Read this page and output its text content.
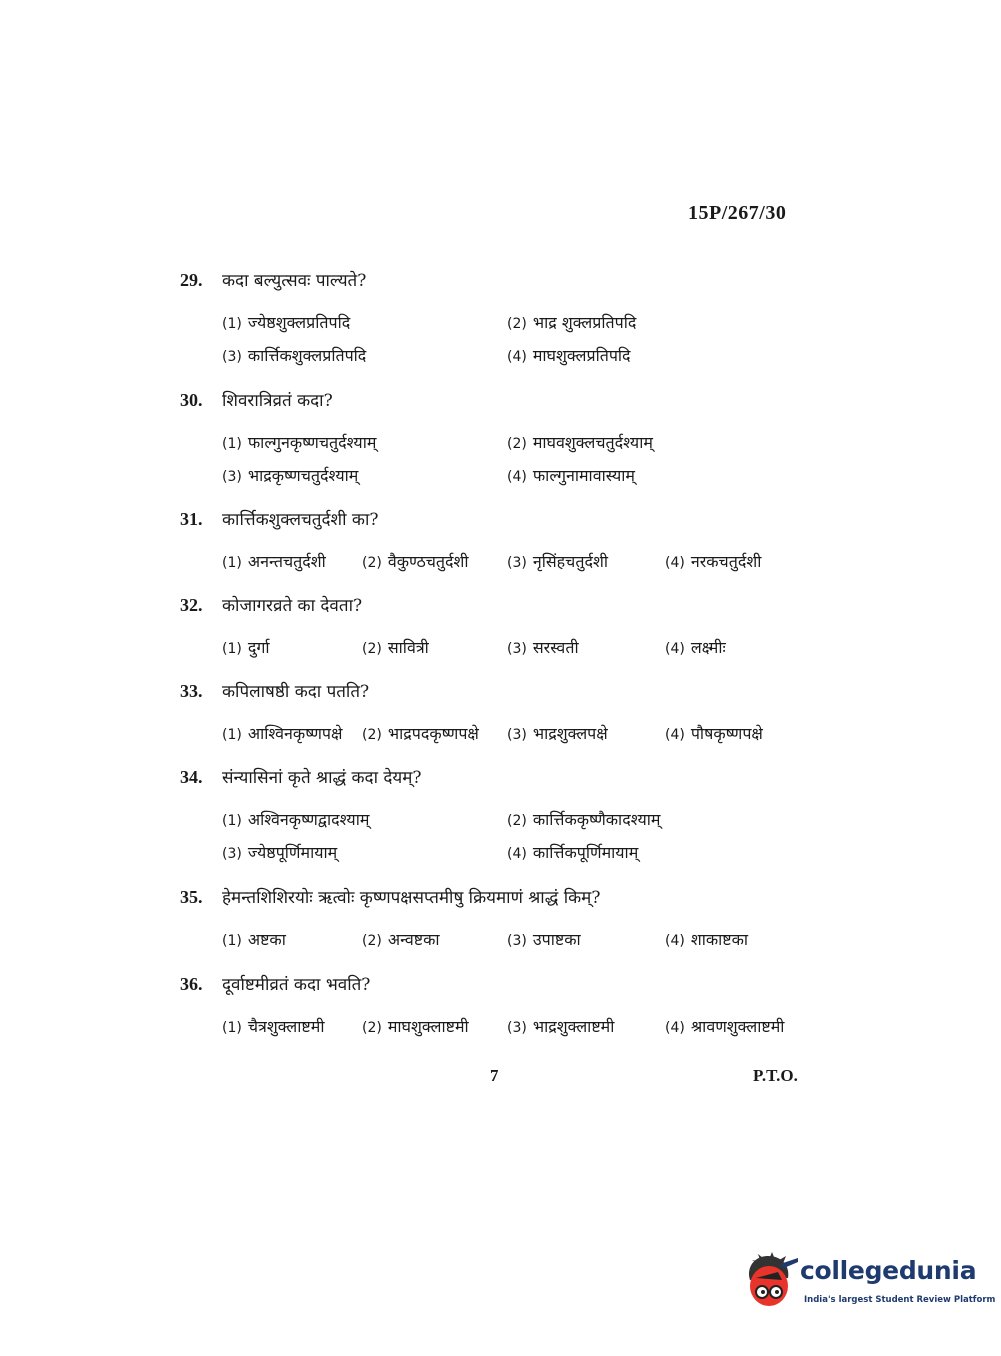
15P/267/30
29.	कदा बल्युत्सवः पाल्यते?
(1) ज्येष्ठशुक्लप्रतिपदि	(2) भाद्र शुक्लप्रतिपदि
(3) कार्त्तिकशुक्लप्रतिपदि	(4) माघशुक्लप्रतिपदि
30.	शिवरात्रिव्रतं कदा?
(1) फाल्गुनकृष्णचतुर्दश्याम्	(2) माघवशुक्लचतुर्दश्याम्
(3) भाद्रकृष्णचतुर्दश्याम्	(4) फाल्गुनामावास्याम्
31.	कार्त्तिकशुक्लचतुर्दशी का?
(1) अनन्तचतुर्दशी	(2) वैकुण्ठचतुर्दशी	(3) नृसिंहचतुर्दशी	(4) नरकचतुर्दशी
32.	कोजागरव्रते का देवता?
(1) दुर्गा	(2) सावित्री	(3) सरस्वती	(4) लक्ष्मीः
33.	कपिलाषष्ठी कदा पतति?
(1) आश्विनकृष्णपक्षे (2) भाद्रपदकृष्णपक्षे (3) भाद्रशुक्लपक्षे	(4) पौषकृष्णपक्षे
34.	संन्यासिनां कृते श्राद्धं कदा देयम्?
(1) अश्विनकृष्णद्वादश्याम्	(2) कार्त्तिककृष्णैकादश्याम्
(3) ज्येष्ठपूर्णिमायाम्	(4) कार्त्तिकपूर्णिमायाम्
35.	हेमन्तशिशिरयोः ऋत्वोः कृष्णपक्षसप्तमीषु क्रियमाणं श्राद्धं किम्?
(1) अष्टका	(2) अन्वष्टका	(3) उपाष्टका	(4) शाकाष्टका
36.	दूर्वाष्टमीव्रतं कदा भवति?
(1) चैत्रशुक्लाष्टमी	(2) माघशुक्लाष्टमी	(3) भाद्रशुक्लाष्टमी	(4) श्रावणशुक्लाष्टमी
7	P.T.O.
collegedunia
India's largest Student Review Platform
